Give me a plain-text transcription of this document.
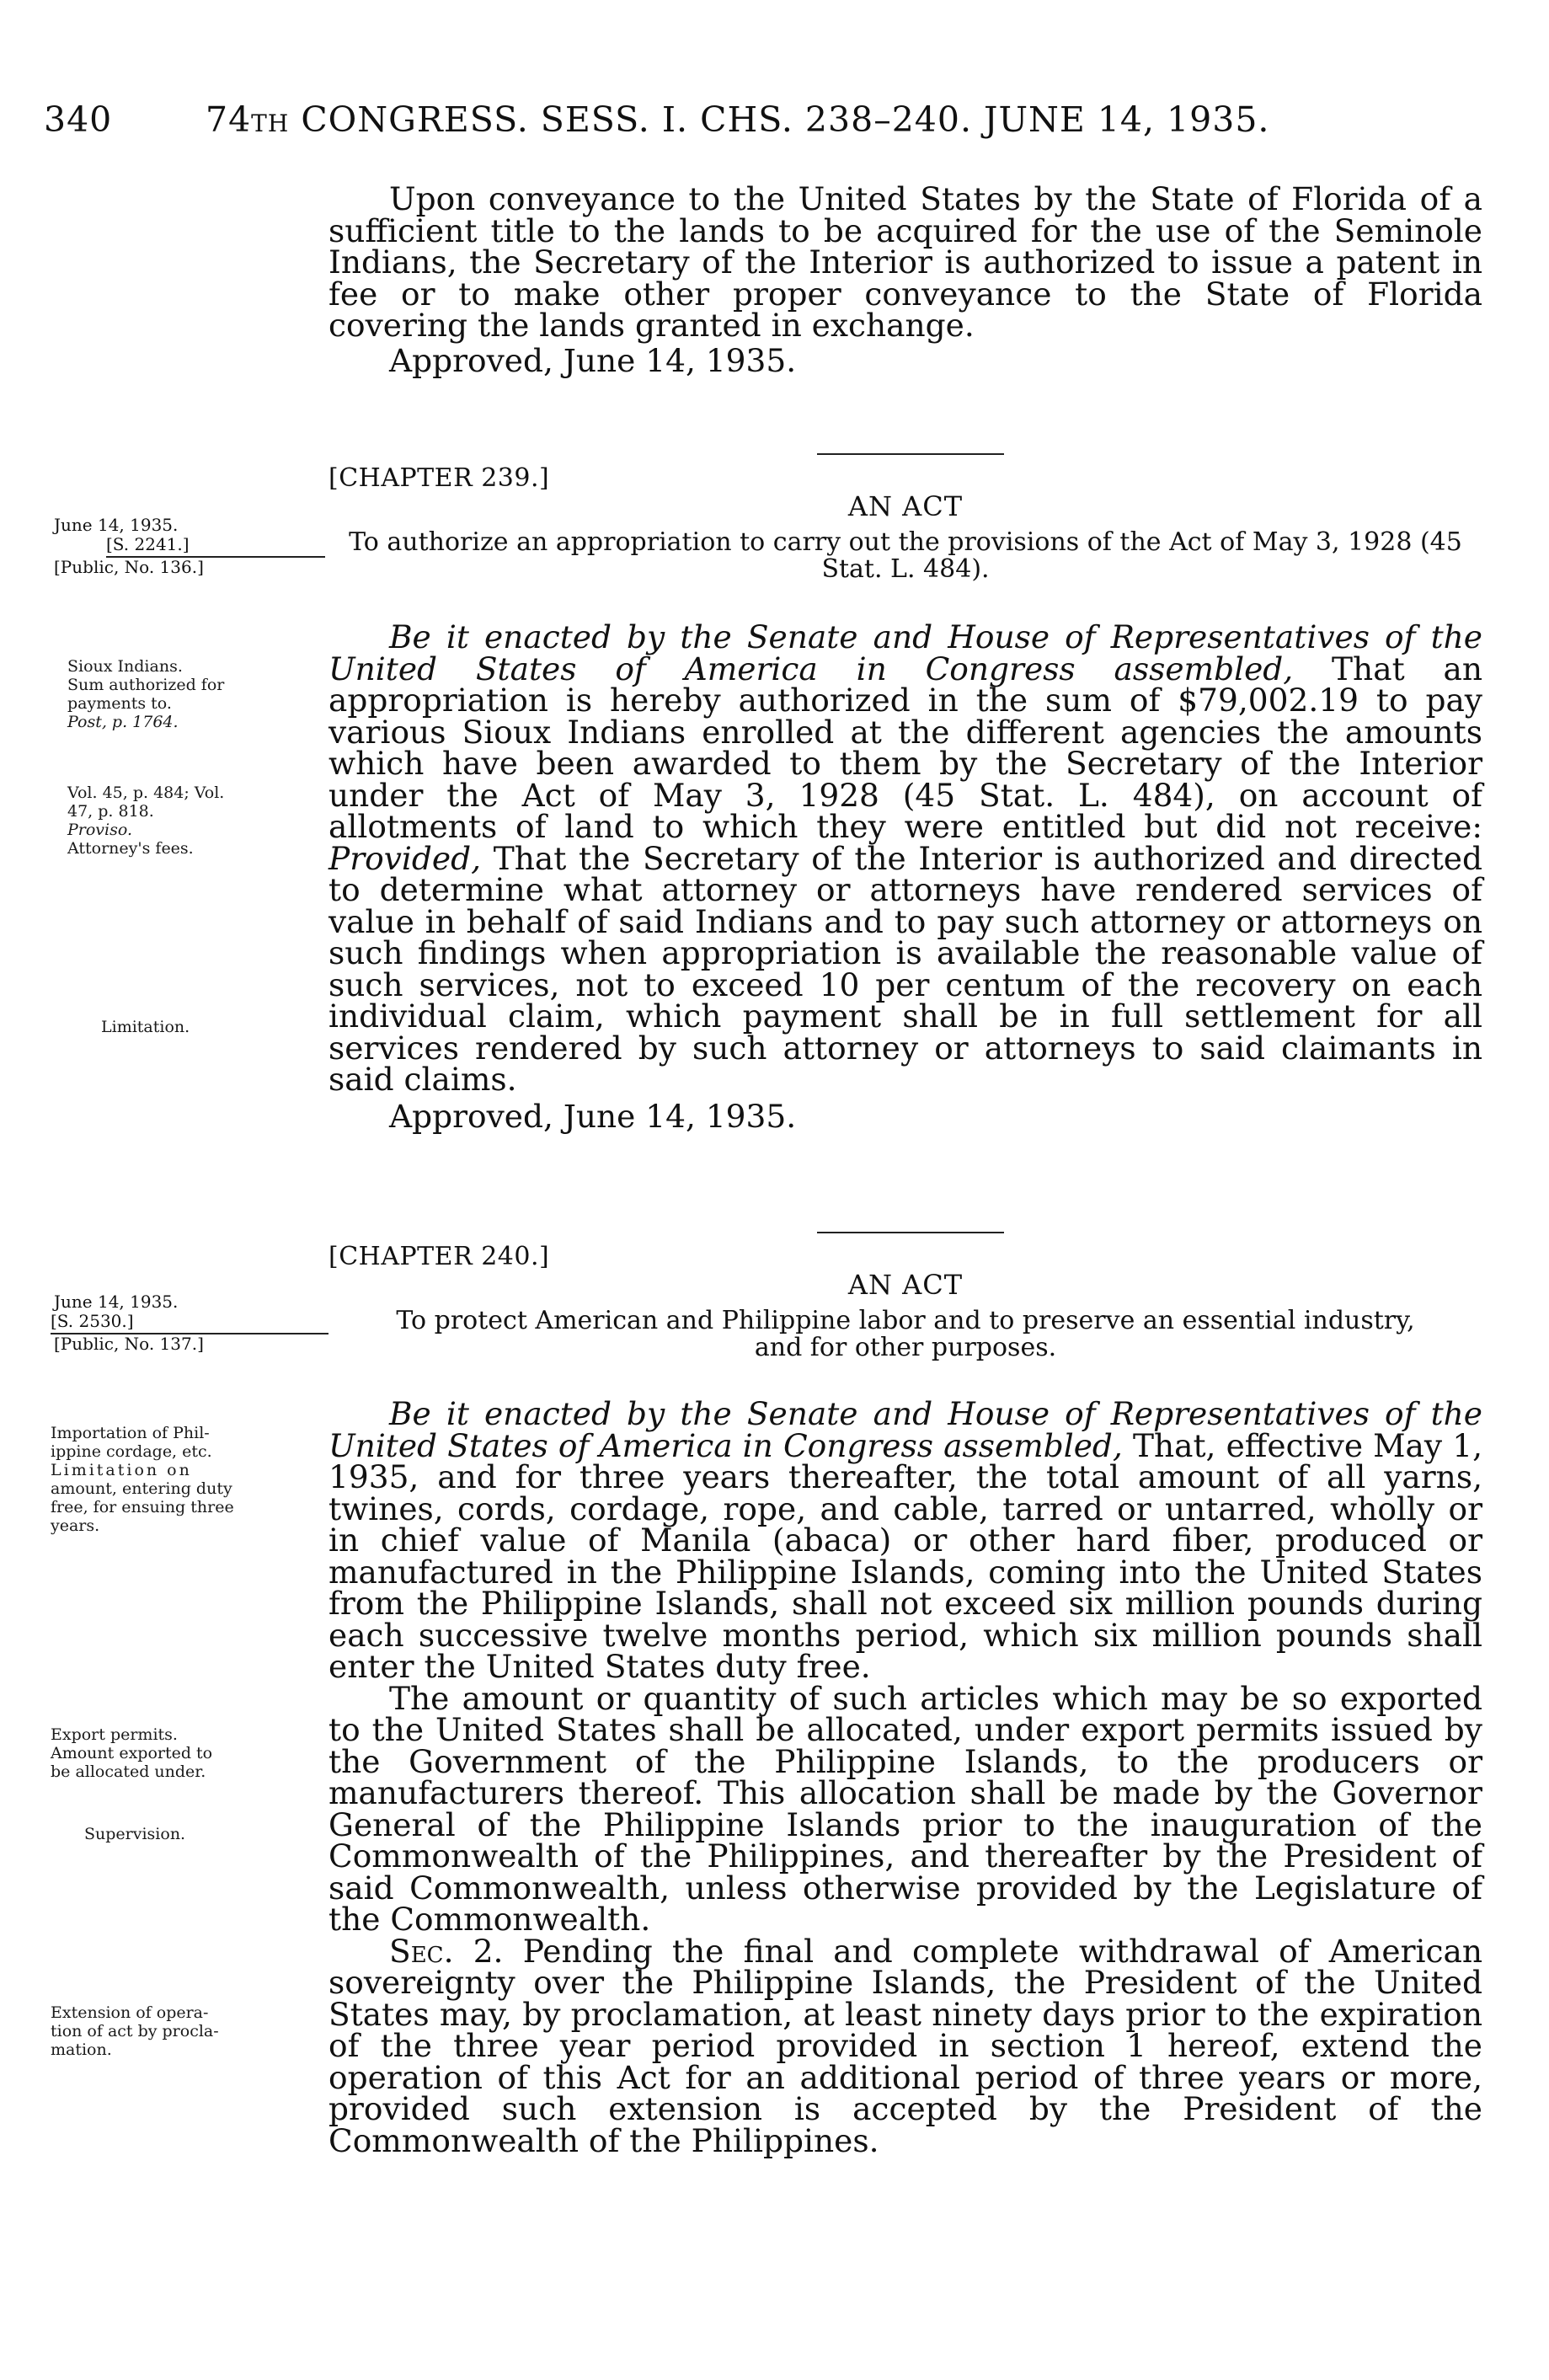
340	74TH CONGRESS. SESS. I. CHS. 238–240. JUNE 14, 1935.

Upon conveyance to the United States by the State of Florida of a sufficient title to the lands to be acquired for the use of the Seminole Indians, the Secretary of the Interior is authorized to issue a patent in fee or to make other proper conveyance to the State of Florida covering the lands granted in exchange.

Approved, June 14, 1935.

[CHAPTER 239.]
AN ACT
To authorize an appropriation to carry out the provisions of the Act of May 3, 1928 (45 Stat. L. 484).
June 14, 1935.
[S. 2241.]
[Public, No. 136.]

Be it enacted by the Senate and House of Representatives of the United States of America in Congress assembled, That an appropriation is hereby authorized in the sum of $79,002.19 to pay various Sioux Indians enrolled at the different agencies the amounts which have been awarded to them by the Secretary of the Interior under the Act of May 3, 1928 (45 Stat. L. 484), on account of allotments of land to which they were entitled but did not receive: Provided, That the Secretary of the Interior is authorized and directed to determine what attorney or attorneys have rendered services of value in behalf of said Indians and to pay such attorney or attorneys on such findings when appropriation is available the reasonable value of such services, not to exceed 10 per centum of the recovery on each individual claim, which payment shall be in full settlement for all services rendered by such attorney or attorneys to said claimants in said claims.

Approved, June 14, 1935.

Sioux Indians.
Sum authorized for
payments to.
Post, p. 1764.
Vol. 45, p. 484; Vol.
47, p. 818.
Proviso.
Attorney's fees.
Limitation.
[CHAPTER 240.]
AN ACT
To protect American and Philippine labor and to preserve an essential industry,
and for other purposes.
June 14, 1935.
[S. 2530.]
[Public, No. 137.]

Be it enacted by the Senate and House of Representatives of the United States of America in Congress assembled, That, effective May 1, 1935, and for three years thereafter, the total amount of all yarns, twines, cords, cordage, rope, and cable, tarred or untarred, wholly or in chief value of Manila (abaca) or other hard fiber, produced or manufactured in the Philippine Islands, coming into the United States from the Philippine Islands, shall not exceed six million pounds during each successive twelve months period, which six million pounds shall enter the United States duty free.

The amount or quantity of such articles which may be so exported to the United States shall be allocated, under export permits issued by the Government of the Philippine Islands, to the producers or manufacturers thereof. This allocation shall be made by the Governor General of the Philippine Islands prior to the inauguration of the Commonwealth of the Philippines, and thereafter by the President of said Commonwealth, unless otherwise provided by the Legislature of the Commonwealth.

Sec. 2. Pending the final and complete withdrawal of American sovereignty over the Philippine Islands, the President of the United States may, by proclamation, at least ninety days prior to the expiration of the three year period provided in section 1 hereof, extend the operation of this Act for an additional period of three years or more, provided such extension is accepted by the President of the Commonwealth of the Philippines.

Importation of Phil-
ippine cordage, etc.
Limitation on
amount, entering duty
free, for ensuing three
years.
Export permits.
Amount exported to
be allocated under.
Supervision.
Extension of opera-
tion of act by procla-
mation.
